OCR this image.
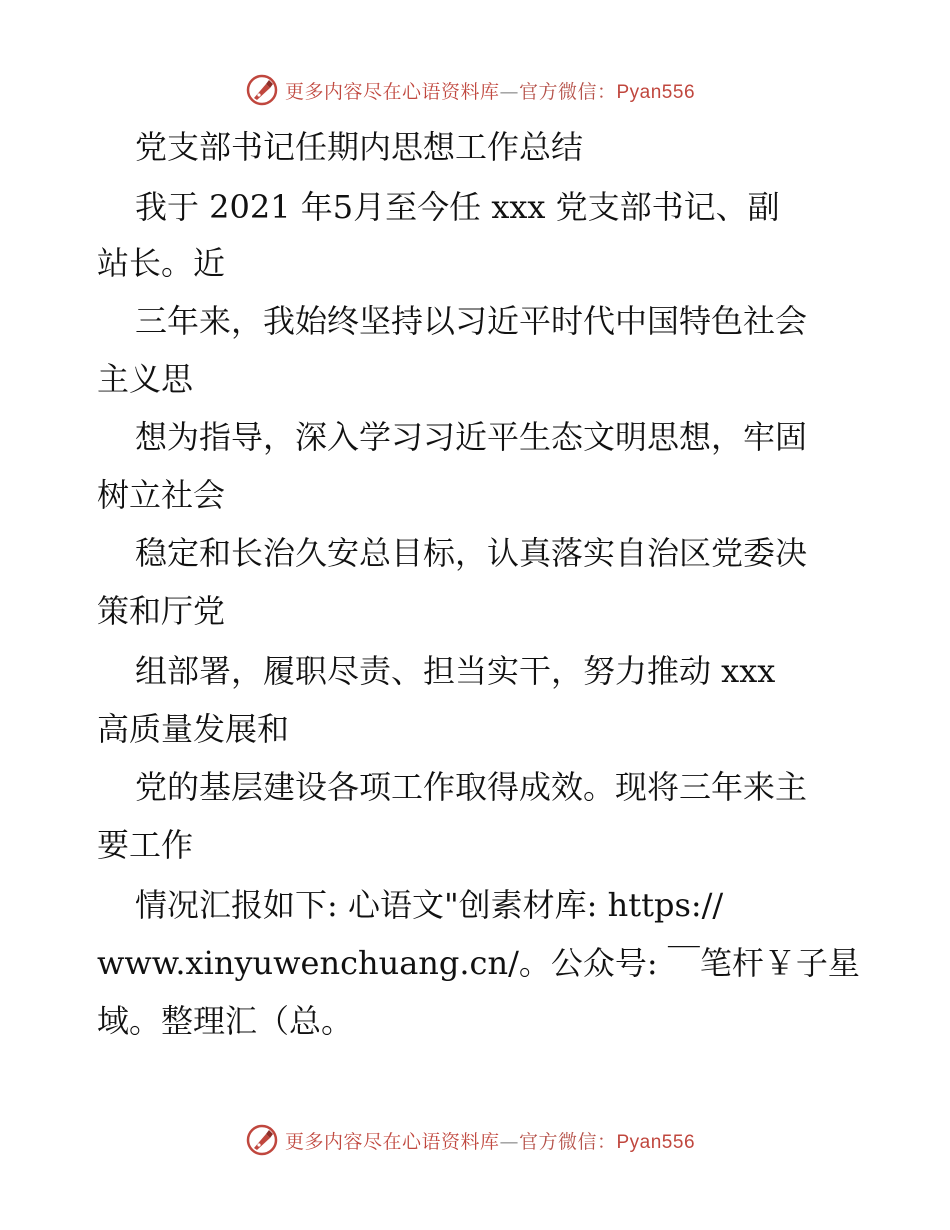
更多内容尽在心语资料库—官方微信：Pyan556
党支部书记任期内思想工作总结
我于 2021 年5月至今任 xxx 党支部书记、副
站长。近
三年来，我始终坚持以习近平时代中国特色社会
主义思
想为指导，深入学习习近平生态文明思想，牢固
树立社会
稳定和长治久安总目标，认真落实自治区党委决
策和厅党
组部署，履职尽责、担当实干，努力推动 xxx
高质量发展和
党的基层建设各项工作取得成效。现将三年来主
要工作
情况汇报如下: 心语文"创素材库: https://
www.xinyuwenchuang.cn/。公众号: ￣笔杆￥子星
域。整理汇（总。
更多内容尽在心语资料库—官方微信：Pyan556
